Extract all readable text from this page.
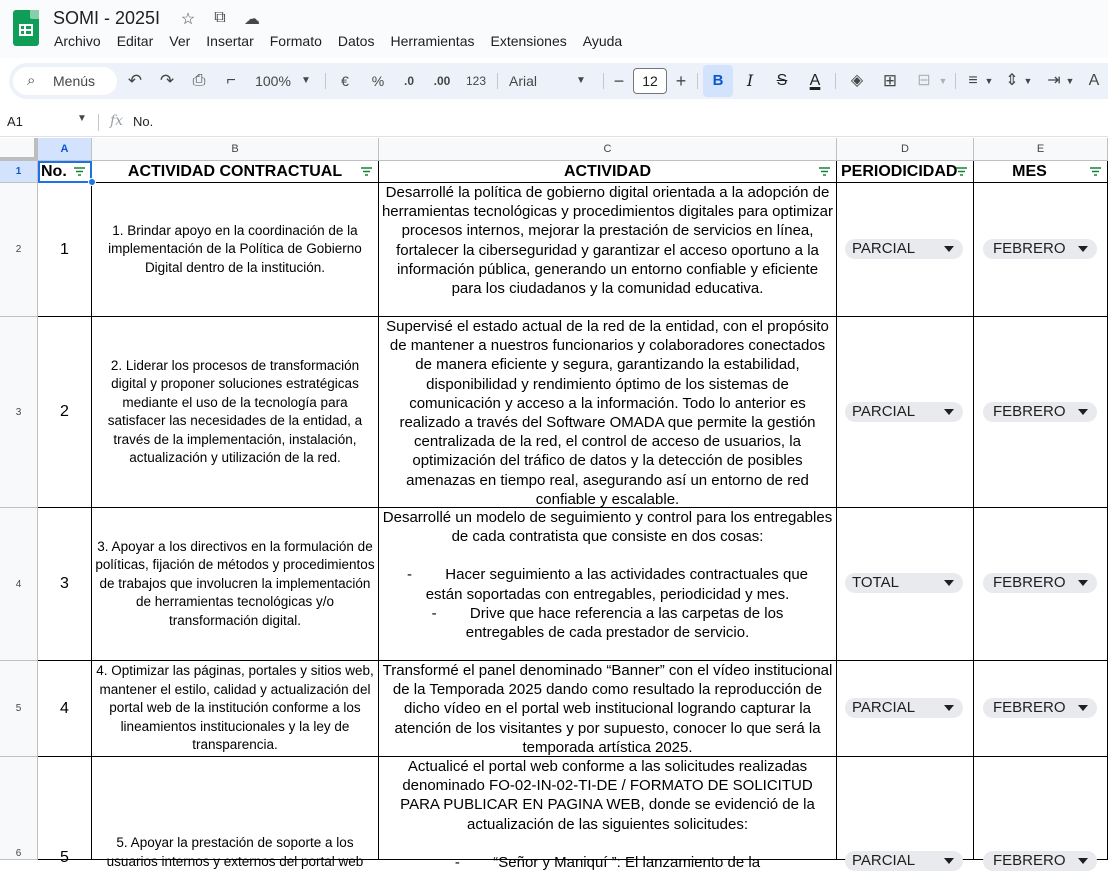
SOMI - 2025I ☆ ⧉ ☁
Archivo Editar Ver Insertar Formato Datos Herramientas Extensiones Ayuda
⌕ Menús	↶ ↷	⎙	⌐	100%	▼	€	%	.0	.00	123	Arial	▼ −	12 +	B	I	S	A	◈	⊞	⊟ ▼	≡ ▼ ⇕ ▼ ⇥ ▼ A
A1	▼ fx No.
A	B	C	D	E
1
2
3
4
5
6
No.	ACTIVIDAD CONTRACTUAL	ACTIVIDAD	PERIODICIDAD	MES
1
1. Brindar apoyo en la coordinación de la implementación de la Política de Gobierno Digital dentro de la institución.

Desarrollé la política de gobierno digital orientada a la adopción de herramientas tecnológicas y procedimientos digitales para optimizar procesos internos, mejorar la prestación de servicios en línea, fortalecer la ciberseguridad y garantizar el acceso oportuno a la información pública, generando un entorno confiable y eficiente para los ciudadanos y la comunidad educativa.

PARCIAL	FEBRERO
2
2. Liderar los procesos de transformación digital y proponer soluciones estratégicas mediante el uso de la tecnología para satisfacer las necesidades de la entidad, a través de la implementación, instalación, actualización y utilización de la red.

Supervisé el estado actual de la red de la entidad, con el propósito de mantener a nuestros funcionarios y colaboradores conectados de manera eficiente y segura, garantizando la estabilidad, disponibilidad y rendimiento óptimo de los sistemas de comunicación y acceso a la información. Todo lo anterior es realizado a través del Software OMADA que permite la gestión centralizada de la red, el control de acceso de usuarios, la optimización del tráfico de datos y la detección de posibles amenazas en tiempo real, asegurando así un entorno de red confiable y escalable.

PARCIAL	FEBRERO
3
3. Apoyar a los directivos en la formulación de políticas, fijación de métodos y procedimientos de trabajos que involucren la implementación de herramientas tecnológicas y/o transformación digital.

Desarrollé un modelo de seguimiento y control para los entregables de cada contratista que consiste en dos cosas:

-        Hacer seguimiento a las actividades contractuales que están soportadas con entregables, periodicidad y mes.

-        Drive que hace referencia a las carpetas de los entregables de cada prestador de servicio.

TOTAL	FEBRERO
4
4. Optimizar las páginas, portales y sitios web, mantener el estilo, calidad y actualización del portal web de la institución conforme a los lineamientos institucionales y la ley de transparencia.

Transformé el panel denominado “Banner” con el vídeo institucional de la Temporada 2025 dando como resultado la reproducción de dicho vídeo en el portal web institucional logrando capturar la atención de los visitantes y por supuesto, conocer lo que será la temporada artística 2025.

PARCIAL	FEBRERO
5
5. Apoyar la prestación de soporte a los usuarios internos y externos del portal web

Actualicé el portal web conforme a las solicitudes realizadas denominado FO-02-IN-02-TI-DE / FORMATO DE SOLICITUD PARA PUBLICAR EN PAGINA WEB, donde se evidenció de la actualización de las siguientes solicitudes:

-        “Señor y Maniquí ”: El lanzamiento de la	PARCIAL	FEBRERO
